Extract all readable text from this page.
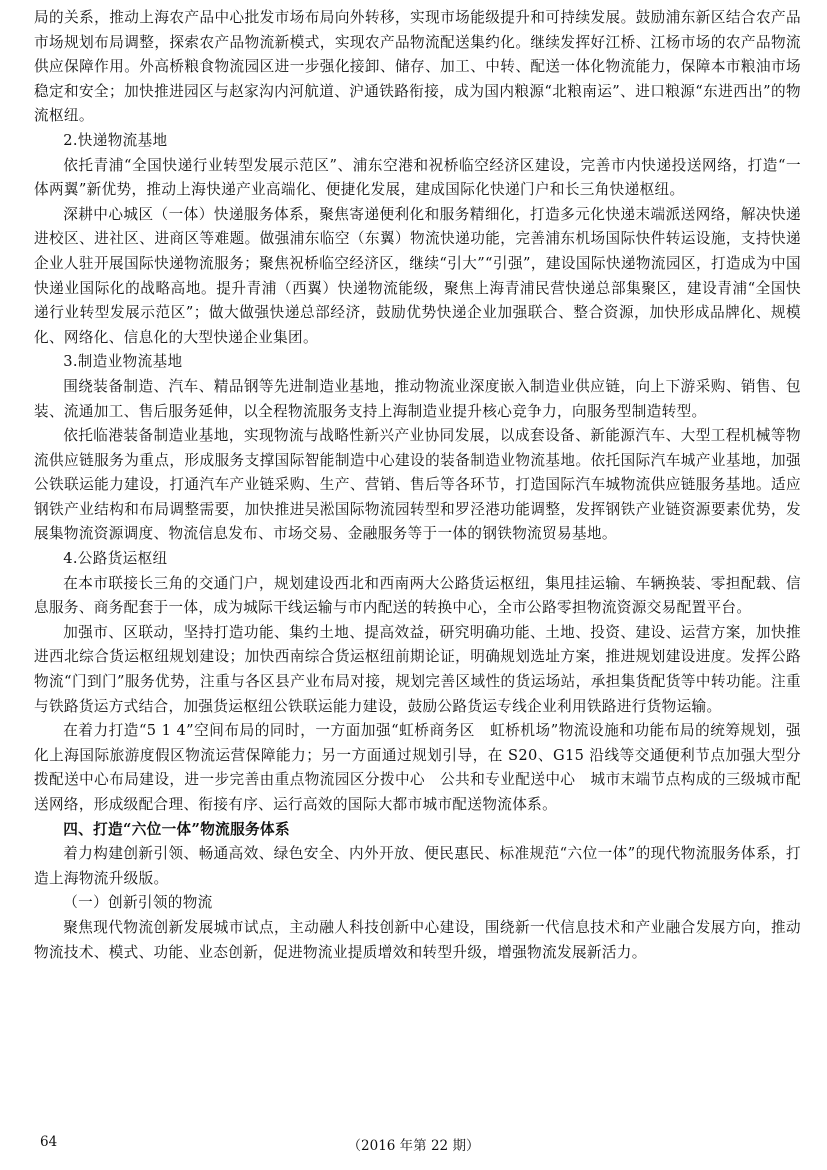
局的关系，推动上海农产品中心批发市场布局向外转移，实现市场能级提升和可持续发展。鼓励浦东新区结合农产品市场规划布局调整，探索农产品物流新模式，实现农产品物流配送集约化。继续发挥好江桥、江杨市场的农产品物流供应保障作用。外高桥粮食物流园区进一步强化接卸、储存、加工、中转、配送一体化物流能力，保障本市粮油市场稳定和安全；加快推进园区与赵家沟内河航道、沪通铁路衔接，成为国内粮源“北粮南运”、进口粮源“东进西出”的物流枢纽。

2.快递物流基地

依托青浦“全国快递行业转型发展示范区”、浦东空港和祝桥临空经济区建设，完善市内快递投送网络，打造“一体两翼”新优势，推动上海快递产业高端化、便捷化发展，建成国际化快递门户和长三角快递枢纽。

深耕中心城区（一体）快递服务体系，聚焦寄递便利化和服务精细化，打造多元化快递末端派送网络，解决快递进校区、进社区、进商区等难题。做强浦东临空（东翼）物流快递功能，完善浦东机场国际快件转运设施，支持快递企业人驻开展国际快递物流服务；聚焦祝桥临空经济区，继续“引大”“引强”，建设国际快递物流园区，打造成为中国快递业国际化的战略高地。提升青浦（西翼）快递物流能级，聚焦上海青浦民营快递总部集聚区，建设青浦“全国快递行业转型发展示范区”；做大做强快递总部经济，鼓励优势快递企业加强联合、整合资源，加快形成品牌化、规模化、网络化、信息化的大型快递企业集团。

3.制造业物流基地

围绕装备制造、汽车、精品钢等先进制造业基地，推动物流业深度嵌入制造业供应链，向上下游采购、销售、包装、流通加工、售后服务延伸，以全程物流服务支持上海制造业提升核心竞争力，向服务型制造转型。

依托临港装备制造业基地，实现物流与战略性新兴产业协同发展，以成套设备、新能源汽车、大型工程机械等物流供应链服务为重点，形成服务支撑国际智能制造中心建设的装备制造业物流基地。依托国际汽车城产业基地，加强公铁联运能力建设，打通汽车产业链采购、生产、营销、售后等各环节，打造国际汽车城物流供应链服务基地。适应钢铁产业结构和布局调整需要，加快推进吴淞国际物流园转型和罗泾港功能调整，发挥钢铁产业链资源要素优势，发展集物流资源调度、物流信息发布、市场交易、金融服务等于一体的钢铁物流贸易基地。

4.公路货运枢纽

在本市联接长三角的交通门户，规划建设西北和西南两大公路货运枢纽，集甩挂运输、车辆换装、零担配载、信息服务、商务配套于一体，成为城际干线运输与市内配送的转换中心，全市公路零担物流资源交易配置平台。

加强市、区联动，坚持打造功能、集约土地、提高效益，研究明确功能、土地、投资、建设、运营方案，加快推进西北综合货运枢纽规划建设；加快西南综合货运枢纽前期论证，明确规划选址方案，推进规划建设进度。发挥公路物流“门到门”服务优势，注重与各区县产业布局对接，规划完善区域性的货运场站，承担集货配货等中转功能。注重与铁路货运方式结合，加强货运枢纽公铁联运能力建设，鼓励公路货运专线企业利用铁路进行货物运输。

在着力打造“5 1 4”空间布局的同时，一方面加强“虹桥商务区　虹桥机场”物流设施和功能布局的统筹规划，强化上海国际旅游度假区物流运营保障能力；另一方面通过规划引导，在 S20、G15 沿线等交通便利节点加强大型分拨配送中心布局建设，进一步完善由重点物流园区分拨中心　公共和专业配送中心　城市末端节点构成的三级城市配送网络，形成级配合理、衔接有序、运行高效的国际大都市城市配送物流体系。

四、打造“六位一体”物流服务体系

着力构建创新引领、畅通高效、绿色安全、内外开放、便民惠民、标准规范“六位一体”的现代物流服务体系，打造上海物流升级版。

（一）创新引领的物流

聚焦现代物流创新发展城市试点，主动融人科技创新中心建设，围绕新一代信息技术和产业融合发展方向，推动物流技术、模式、功能、业态创新，促进物流业提质增效和转型升级，增强物流发展新活力。

64	（2016 年第 22 期）
